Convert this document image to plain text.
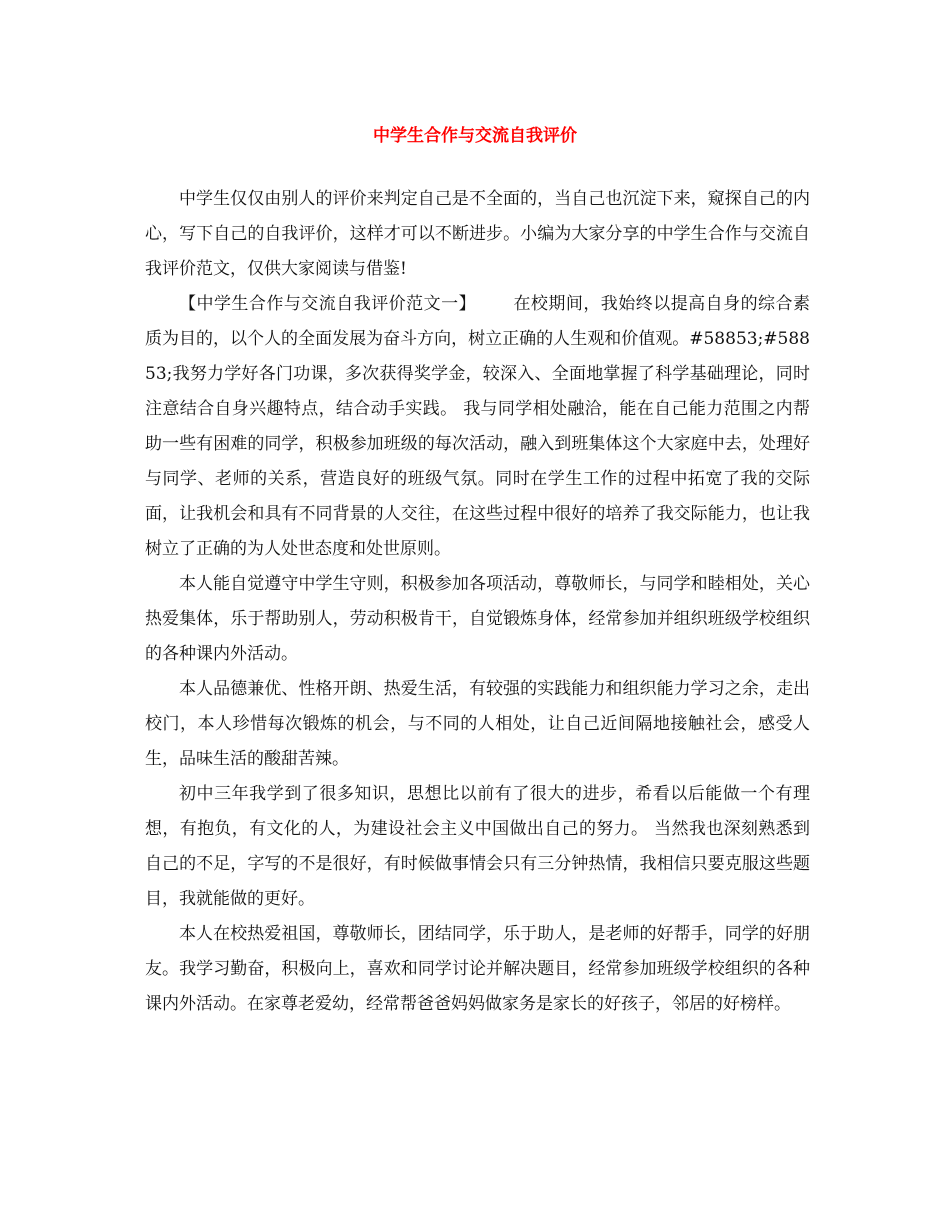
中学生合作与交流自我评价

中学生仅仅由别人的评价来判定自己是不全面的，当自己也沉淀下来，窥探自己的内心，写下自己的自我评价，这样才可以不断进步。小编为大家分享的中学生合作与交流自我评价范文，仅供大家阅读与借鉴!

【中学生合作与交流自我评价范文一】 在校期间，我始终以提高自身的综合素质为目的，以个人的全面发展为奋斗方向，树立正确的人生观和价值观。#58853;#58853;我努力学好各门功课，多次获得奖学金，较深入、全面地掌握了科学基础理论，同时注意结合自身兴趣特点，结合动手实践。 我与同学相处融洽，能在自己能力范围之内帮助一些有困难的同学，积极参加班级的每次活动，融入到班集体这个大家庭中去，处理好与同学、老师的关系，营造良好的班级气氛。同时在学生工作的过程中拓宽了我的交际面，让我机会和具有不同背景的人交往，在这些过程中很好的培养了我交际能力，也让我树立了正确的为人处世态度和处世原则。

本人能自觉遵守中学生守则，积极参加各项活动，尊敬师长，与同学和睦相处，关心热爱集体，乐于帮助别人，劳动积极肯干，自觉锻炼身体，经常参加并组织班级学校组织的各种课内外活动。

本人品德兼优、性格开朗、热爱生活，有较强的实践能力和组织能力学习之余，走出校门，本人珍惜每次锻炼的机会，与不同的人相处，让自己近间隔地接触社会，感受人生，品味生活的酸甜苦辣。

初中三年我学到了很多知识，思想比以前有了很大的进步，希看以后能做一个有理想，有抱负，有文化的人，为建设社会主义中国做出自己的努力。 当然我也深刻熟悉到自己的不足，字写的不是很好，有时候做事情会只有三分钟热情，我相信只要克服这些题目，我就能做的更好。

本人在校热爱祖国，尊敬师长，团结同学，乐于助人，是老师的好帮手，同学的好朋友。我学习勤奋，积极向上，喜欢和同学讨论并解决题目，经常参加班级学校组织的各种课内外活动。在家尊老爱幼，经常帮爸爸妈妈做家务是家长的好孩子，邻居的好榜样。
